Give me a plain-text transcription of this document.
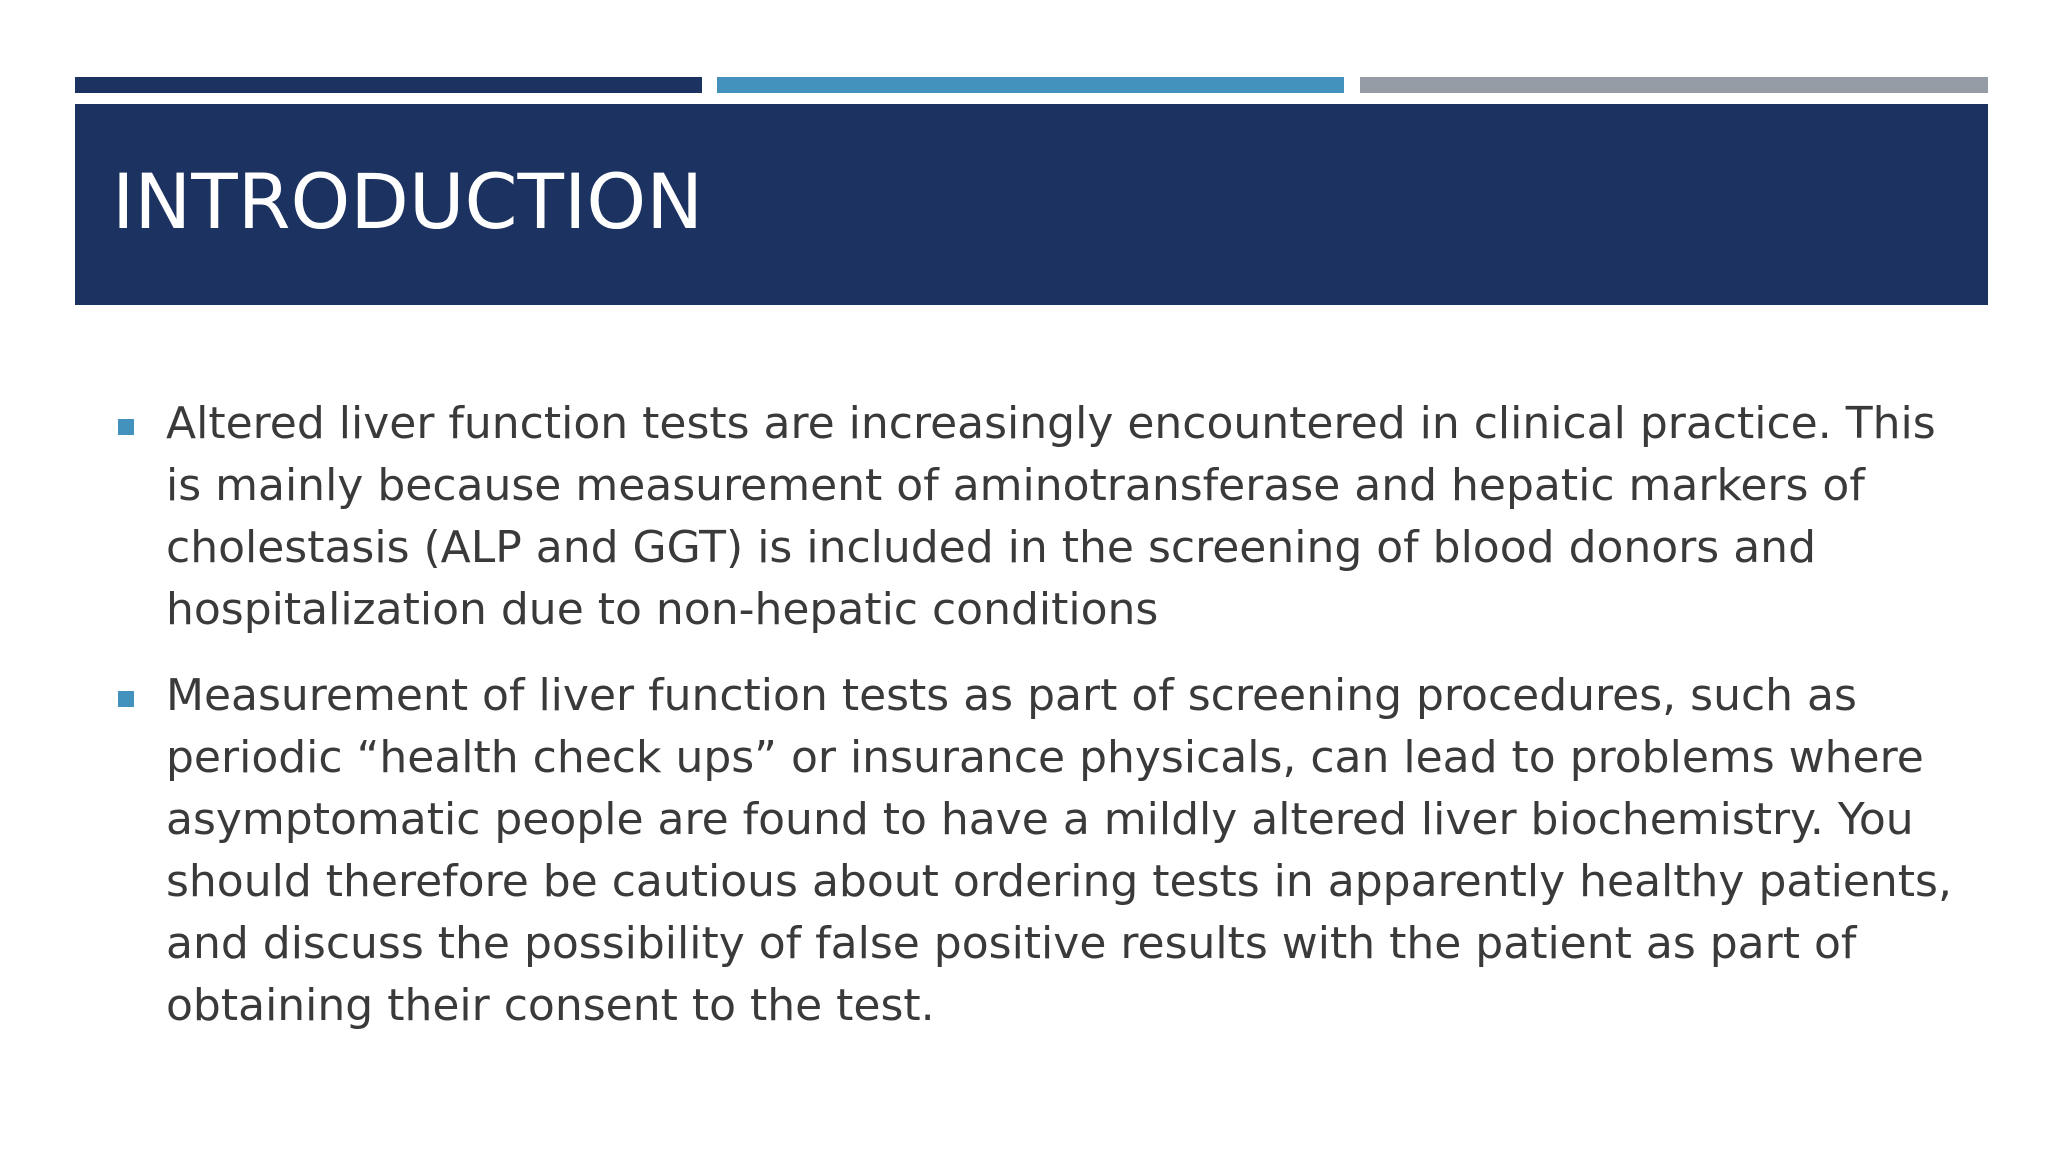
INTRODUCTION
Altered liver function tests are increasingly encountered in clinical practice. This is mainly because measurement of aminotransferase and hepatic markers of cholestasis (ALP and GGT) is included in the screening of blood donors and hospitalization due to non-hepatic conditions
Measurement of liver function tests as part of screening procedures, such as periodic “health check ups” or insurance physicals, can lead to problems where asymptomatic people are found to have a mildly altered liver biochemistry. You should therefore be cautious about ordering tests in apparently healthy patients, and discuss the possibility of false positive results with the patient as part of obtaining their consent to the test.
